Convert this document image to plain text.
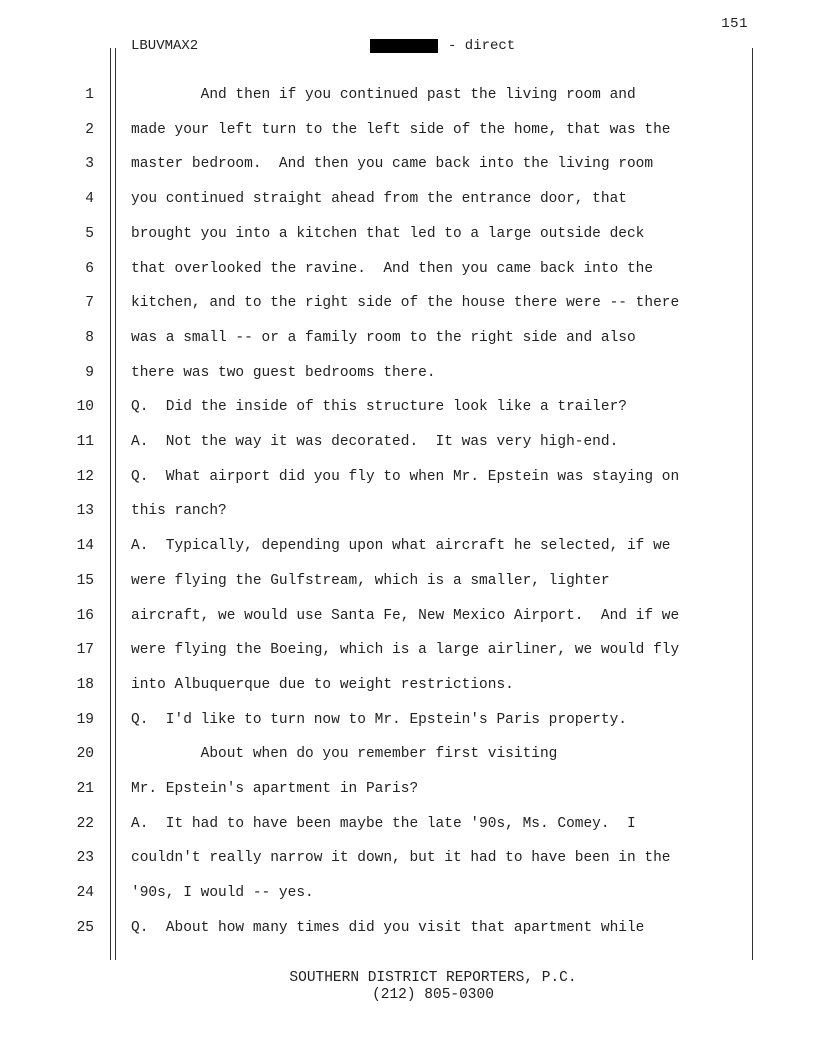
151
LBUVMAX2	- direct
1	And then if you continued past the living room and
2	made your left turn to the left side of the home, that was the
3	master bedroom.  And then you came back into the living room
4	you continued straight ahead from the entrance door, that
5	brought you into a kitchen that led to a large outside deck
6	that overlooked the ravine.  And then you came back into the
7	kitchen, and to the right side of the house there were -- there
8	was a small -- or a family room to the right side and also
9	there was two guest bedrooms there.
10	Q.  Did the inside of this structure look like a trailer?
11	A.  Not the way it was decorated.  It was very high-end.
12	Q.  What airport did you fly to when Mr. Epstein was staying on
13	this ranch?
14	A.  Typically, depending upon what aircraft he selected, if we
15	were flying the Gulfstream, which is a smaller, lighter
16	aircraft, we would use Santa Fe, New Mexico Airport.  And if we
17	were flying the Boeing, which is a large airliner, we would fly
18	into Albuquerque due to weight restrictions.
19	Q.  I'd like to turn now to Mr. Epstein's Paris property.
20	About when do you remember first visiting
21	Mr. Epstein's apartment in Paris?
22	A.  It had to have been maybe the late '90s, Ms. Comey.  I
23	couldn't really narrow it down, but it had to have been in the
24	'90s, I would -- yes.
25	Q.  About how many times did you visit that apartment while
SOUTHERN DISTRICT REPORTERS, P.C.
(212) 805-0300
